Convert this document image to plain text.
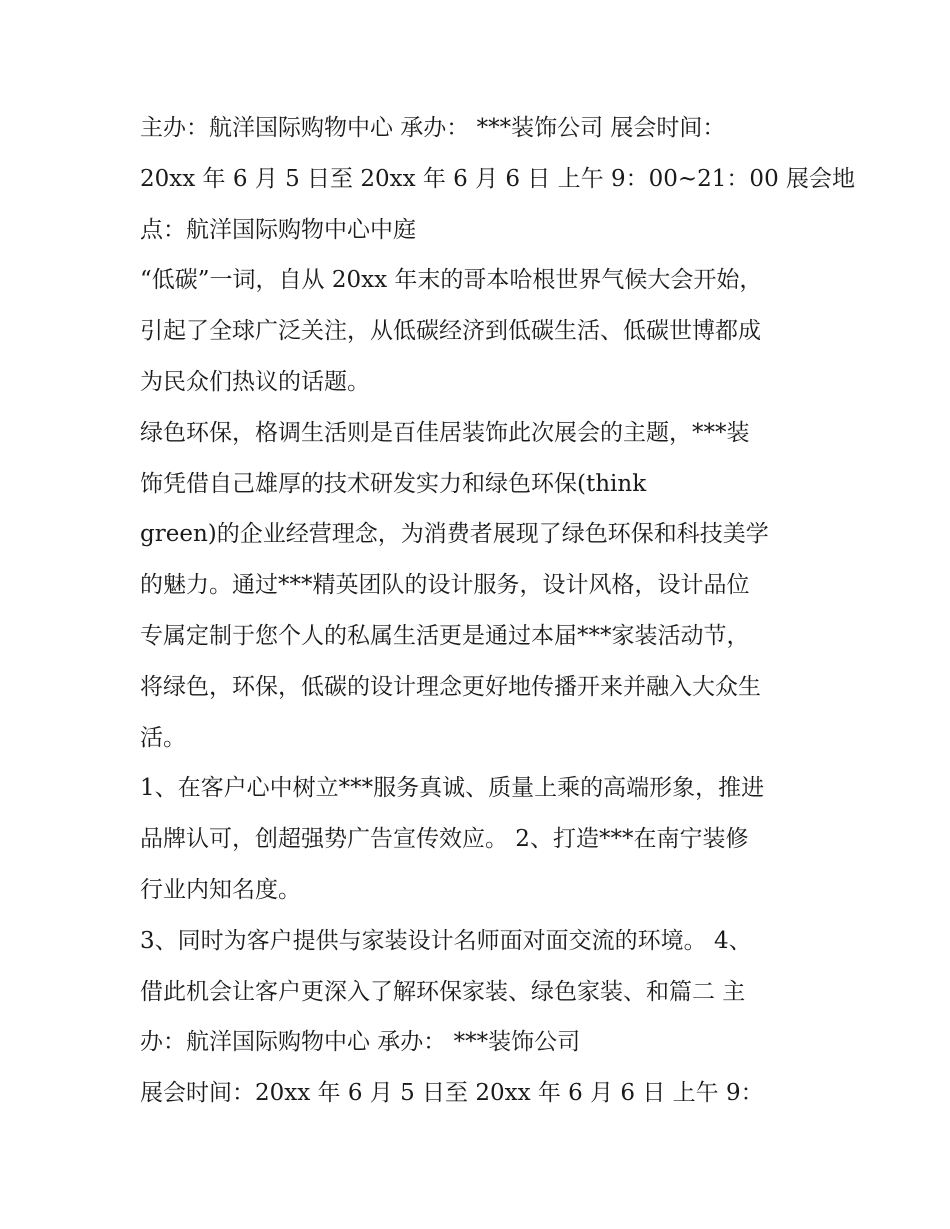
主办：航洋国际购物中心 承办： ***装饰公司 展会时间：
20xx 年 6 月 5 日至 20xx 年 6 月 6 日 上午 9：00~21：00 展会地
点：航洋国际购物中心中庭
“低碳”一词，自从 20xx 年末的哥本哈根世界气候大会开始，
引起了全球广泛关注，从低碳经济到低碳生活、低碳世博都成
为民众们热议的话题。
绿色环保，格调生活则是百佳居装饰此次展会的主题，***装
饰凭借自己雄厚的技术研发实力和绿色环保(think
green)的企业经营理念，为消费者展现了绿色环保和科技美学
的魅力。通过***精英团队的设计服务，设计风格，设计品位
专属定制于您个人的私属生活更是通过本届***家装活动节，
将绿色，环保，低碳的设计理念更好地传播开来并融入大众生
活。
1、在客户心中树立***服务真诚、质量上乘的高端形象，推进
品牌认可，创超强势广告宣传效应。 2、打造***在南宁装修
行业内知名度。
3、同时为客户提供与家装设计名师面对面交流的环境。 4、
借此机会让客户更深入了解环保家装、绿色家装、和篇二 主
办：航洋国际购物中心 承办： ***装饰公司
展会时间：20xx 年 6 月 5 日至 20xx 年 6 月 6 日 上午 9：
